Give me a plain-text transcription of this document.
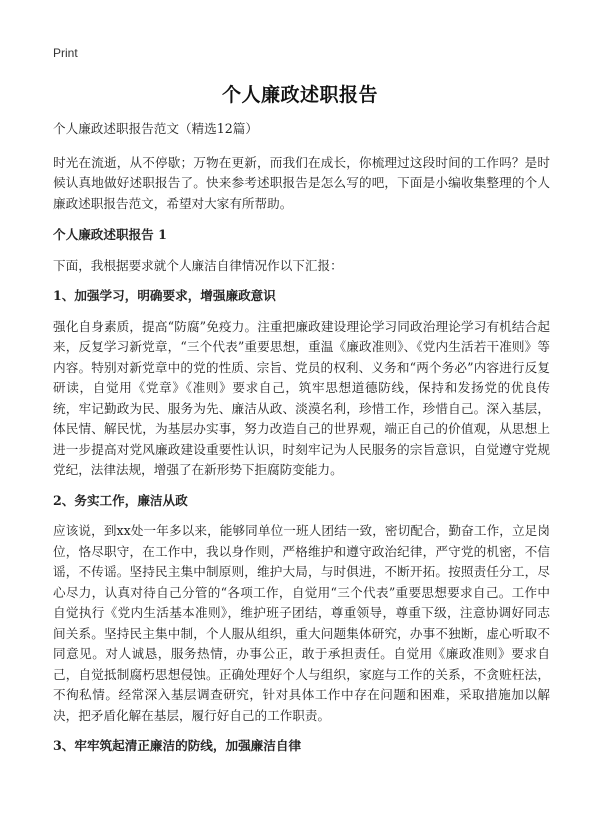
Print
个人廉政述职报告

个人廉政述职报告范文（精选12篇）

时光在流逝，从不停歇；万物在更新，而我们在成长，你梳理过这段时间的工作吗？是时候认真地做好述职报告了。快来参考述职报告是怎么写的吧，下面是小编收集整理的个人廉政述职报告范文，希望对大家有所帮助。

个人廉政述职报告 1

下面，我根据要求就个人廉洁自律情况作以下汇报：

1、加强学习，明确要求，增强廉政意识

强化自身素质，提高“防腐”免疫力。注重把廉政建设理论学习同政治理论学习有机结合起来，反复学习新党章，“三个代表”重要思想，重温《廉政准则》、《党内生活若干准则》等内容。特别对新党章中的党的性质、宗旨、党员的权利、义务和“两个务必”内容进行反复研读，自觉用《党章》《准则》要求自己，筑牢思想道德防线，保持和发扬党的优良传统，牢记勤政为民、服务为先、廉洁从政、淡漠名利，珍惜工作，珍惜自己。深入基层，体民情、解民忧，为基层办实事，努力改造自己的世界观，端正自己的价值观，从思想上进一步提高对党风廉政建设重要性认识，时刻牢记为人民服务的宗旨意识，自觉遵守党规党纪，法律法规，增强了在新形势下拒腐防变能力。

2、务实工作，廉洁从政

应该说，到xx处一年多以来，能够同单位一班人团结一致，密切配合，勤奋工作，立足岗位，恪尽职守，在工作中，我以身作则，严格维护和遵守政治纪律，严守党的机密，不信谣，不传谣。坚持民主集中制原则，维护大局，与时俱进，不断开拓。按照责任分工，尽心尽力，认真对待自己分管的“各项工作，自觉用“三个代表”重要思想要求自己。工作中自觉执行《党内生活基本准则》，维护班子团结，尊重领导，尊重下级，注意协调好同志间关系。坚持民主集中制，个人服从组织，重大问题集体研究，办事不独断，虚心听取不同意见。对人诚恳，服务热情，办事公正，敢于承担责任。自觉用《廉政准则》要求自己，自觉抵制腐朽思想侵蚀。正确处理好个人与组织，家庭与工作的关系，不贪赃枉法，不徇私情。经常深入基层调查研究，针对具体工作中存在问题和困难，采取措施加以解决，把矛盾化解在基层，履行好自己的工作职责。

3、牢牢筑起清正廉洁的防线，加强廉洁自律
